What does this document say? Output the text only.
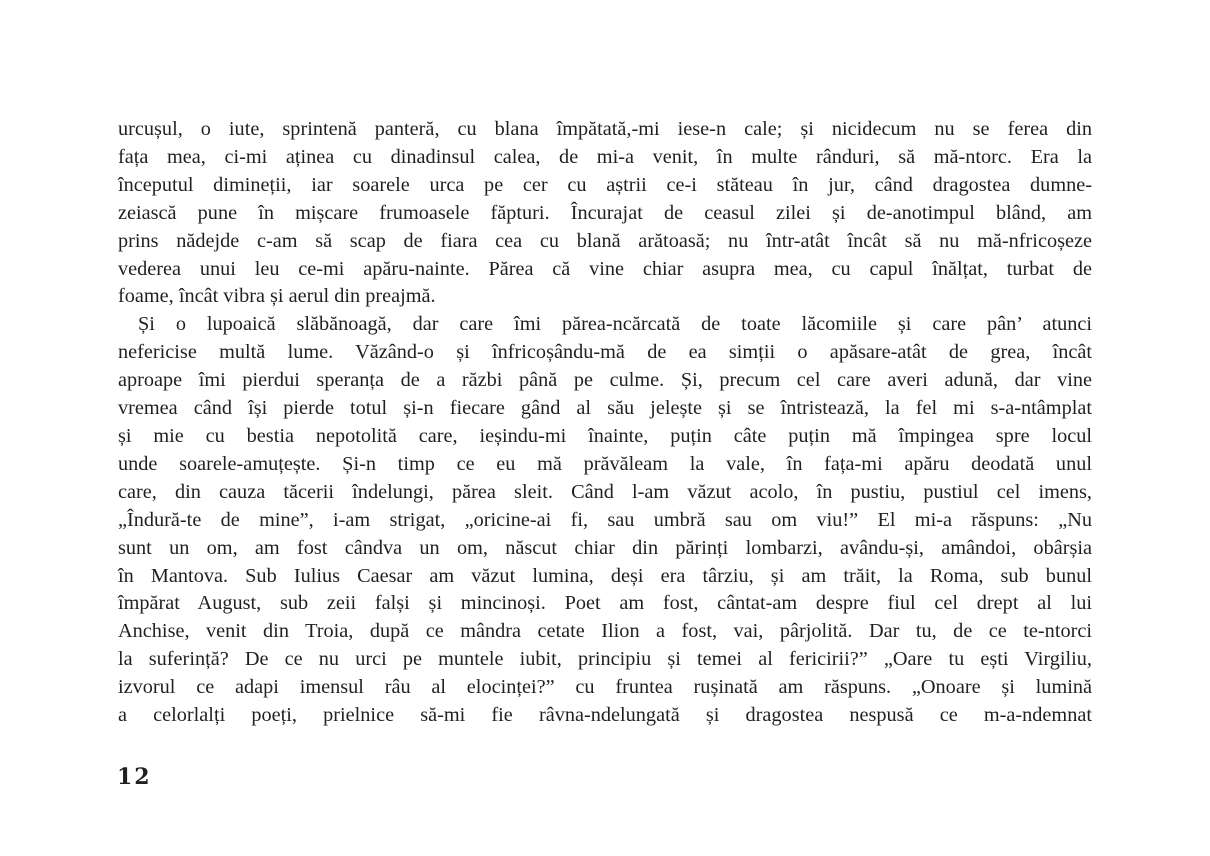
urcușul, o iute, sprintenă panteră, cu blana împătată,-mi iese-n cale; și nicidecum nu se ferea din
fața mea, ci-mi aținea cu dinadinsul calea, de mi-a venit, în multe rânduri, să mă-ntorc. Era la
începutul dimineții, iar soarele urca pe cer cu aștrii ce-i stăteau în jur, când dragostea dumne-
zeiască pune în mișcare frumoasele făpturi. Încurajat de ceasul zilei și de-anotimpul blând, am
prins nădejde c-am să scap de fiara cea cu blană arătoasă; nu într-atât încât să nu mă-nfricoșeze
vederea unui leu ce-mi apăru-nainte. Părea că vine chiar asupra mea, cu capul înălțat, turbat de
foame, încât vibra și aerul din preajmă.
Și o lupoaică slăbănoagă, dar care îmi părea-ncărcată de toate lăcomiile și care pân’ atunci
nefericise multă lume. Văzând-o și înfricoșându-mă de ea simții o apăsare-atât de grea, încât
aproape îmi pierdui speranța de a răzbi până pe culme. Și, precum cel care averi adună, dar vine
vremea când își pierde totul și-n fiecare gând al său jelește și se întristează, la fel mi s-a-ntâmplat
și mie cu bestia nepotolită care, ieșindu-mi înainte, puțin câte puțin mă împingea spre locul
unde soarele-amuțește. Și-n timp ce eu mă prăvăleam la vale, în fața-mi apăru deodată unul
care, din cauza tăcerii îndelungi, părea sleit. Când l-am văzut acolo, în pustiu, pustiul cel imens,
„Îndură-te de mine”, i-am strigat, „oricine-ai fi, sau umbră sau om viu!” El mi-a răspuns: „Nu
sunt un om, am fost cândva un om, născut chiar din părinți lombarzi, avându-și, amândoi, obârșia
în Mantova. Sub Iulius Caesar am văzut lumina, deși era târziu, și am trăit, la Roma, sub bunul
împărat August, sub zeii falși și mincinoși. Poet am fost, cântat-am despre fiul cel drept al lui
Anchise, venit din Troia, după ce mândra cetate Ilion a fost, vai, pârjolită. Dar tu, de ce te-ntorci
la suferință? De ce nu urci pe muntele iubit, principiu și temei al fericirii?” „Oare tu ești Virgiliu,
izvorul ce adapi imensul râu al elocinței?” cu fruntea rușinată am răspuns. „Onoare și lumină
a celorlalți poeți, prielnice să-mi fie râvna-ndelungată și dragostea nespusă ce m-a-ndemnat
12
